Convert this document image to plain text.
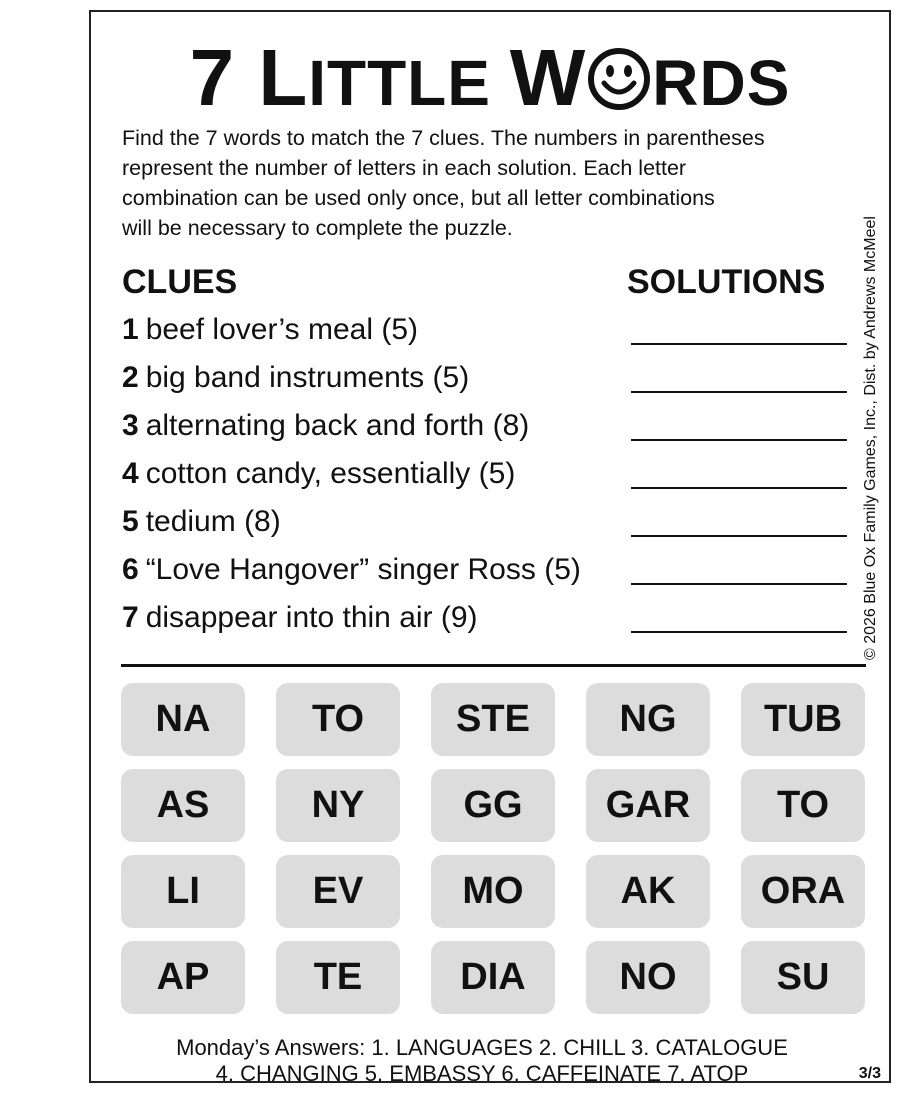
7 LITTLE W RDS
Find the 7 words to match the 7 clues. The numbers in parentheses
represent the number of letters in each solution. Each letter
combination can be used only once, but all letter combinations
will be necessary to complete the puzzle.
CLUES	SOLUTIONS
1 beef lover’s meal (5)
2 big band instruments (5)
3 alternating back and forth (8)
4 cotton candy, essentially (5)
5 tedium (8)
6 “Love Hangover” singer Ross (5)
7 disappear into thin air (9)
NA	TO	STE	NG	TUB
AS	NY	GG	GAR	TO
LI	EV	MO	AK	ORA
AP	TE	DIA	NO	SU
Monday’s Answers: 1. LANGUAGES 2. CHILL 3. CATALOGUE
4. CHANGING 5. EMBASSY 6. CAFFEINATE 7. ATOP	3/3
© 2026 Blue Ox Family Games, Inc., Dist. by Andrews McMeel
